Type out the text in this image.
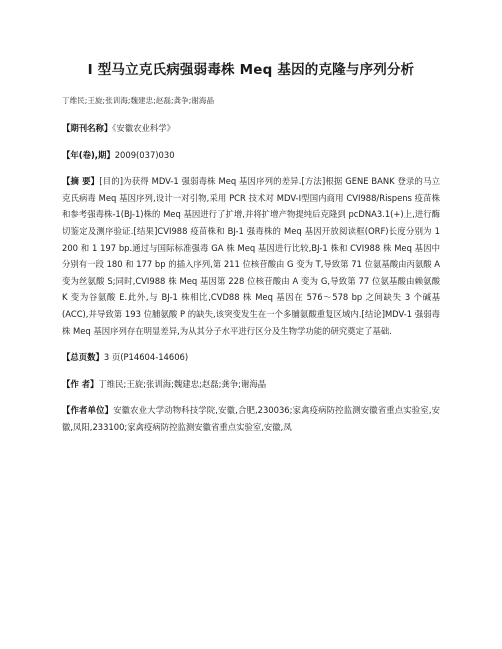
I 型马立克氏病强弱毒株 Meq 基因的克隆与序列分析
丁维民;王旋;张训海;魏建忠;赵磊;龚争;谢海晶
【期刊名称】《安徽农业科学》
【年(卷),期】2009(037)030
【摘 要】[目的]为获得 MDV-1 强弱毒株 Meq 基因序列的差异.[方法]根据 GENE BANK 登录的马立克氏病毒 Meq 基因序列,设计一对引物,采用 PCR 技术对 MDV-Ⅰ型国内商用 CVI988/Rispens 疫苗株和参考强毒株-1(BJ-1)株的 Meq 基因进行了扩增,并将扩增产物提纯后克隆到 pcDNA3.1(+)上,进行酶切鉴定及测序验证.[结果]CVI988 疫苗株和 BJ-1 强毒株的 Meq 基因开放阅读框(ORF)长度分别为 1 200 和 1 197 bp.通过与国际标准强毒 GA 株 Meq 基因进行比较,BJ-1 株和 CVI988 株 Meq 基因中分别有一段 180 和 177 bp 的插入序列,第 211 位核苷酸由 G 变为 T,导致第 71 位氨基酸由丙氨酸 A 变为丝氨酸 S;同时,CVI988 株 Meq 基因第 228 位核苷酸由 A 变为 G,导致第 77 位氨基酸由赖氨酸 K 变为谷氨酸 E.此外,与 BJ-1 株相比,CVD88 株 Meq 基因在 576～578 bp 之间缺失 3 个碱基(ACC),并导致第 193 位脯氨酸 P 的缺失,该突变发生在一个多脯氨酸重复区域内.[结论]MDV-1 强弱毒株 Meq 基因序列存在明显差异,为从其分子水平进行区分及生物学功能的研究奠定了基础.
【总页数】3 页(P14604-14606)
【作 者】丁维民;王旋;张训海;魏建忠;赵磊;龚争;谢海晶
【作者单位】安徽农业大学动物科技学院,安徽,合肥,230036;家禽疫病防控监测安徽省重点实验室,安徽,凤阳,233100;家禽疫病防控监测安徽省重点实验室,安徽,凤
